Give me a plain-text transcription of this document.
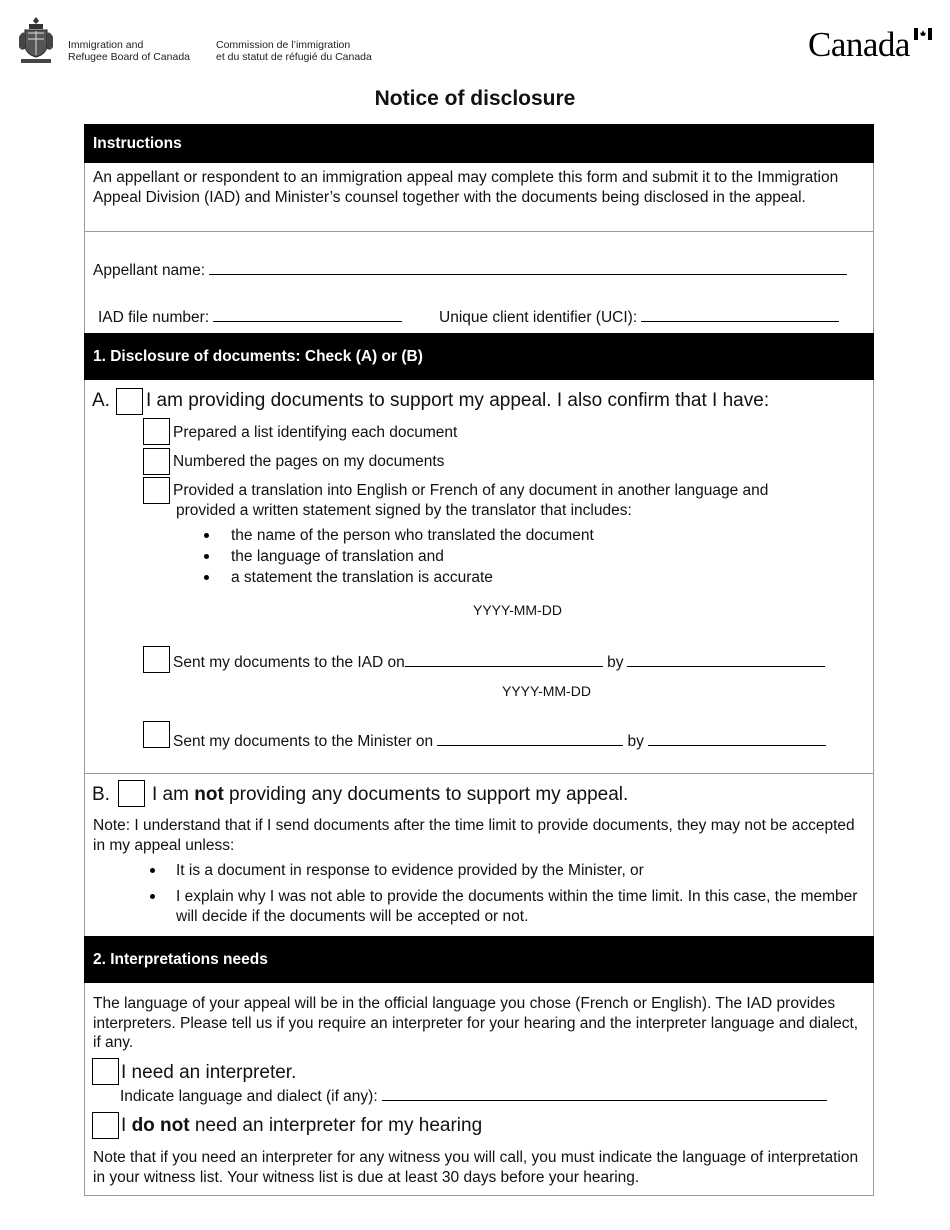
Immigration and
Refugee Board of Canada
Commission de l’immigration
et du statut de réfugié du Canada	Canada
Notice of disclosure
Instructions
An appellant or respondent to an immigration appeal may complete this form and submit it to the Immigration Appeal Division (IAD) and Minister’s counsel together with the documents being disclosed in the appeal.
Appellant name:
IAD file number:	Unique client identifier (UCI):
1. Disclosure of documents: Check (A) or (B)
A. I am providing documents to support my appeal. I also confirm that I have:
Prepared a list identifying each document
Numbered the pages on my documents
Provided a translation into English or French of any document in another language and
provided a written statement signed by the translator that includes:
the name of the person who translated the document
the language of translation and
a statement the translation is accurate
YYYY-MM-DD
Sent my documents to the IAD on	by
YYYY-MM-DD
Sent my documents to the Minister on	by
B. I am not providing any documents to support my appeal.
Note: I understand that if I send documents after the time limit to provide documents, they may not be accepted in my appeal unless:
It is a document in response to evidence provided by the Minister, or
I explain why I was not able to provide the documents within the time limit. In this case, the member will decide if the documents will be accepted or not.
2. Interpretations needs
The language of your appeal will be in the official language you chose (French or English). The IAD provides interpreters. Please tell us if you require an interpreter for your hearing and the interpreter language and dialect, if any.
I need an interpreter.
Indicate language and dialect (if any):
I do not need an interpreter for my hearing
Note that if you need an interpreter for any witness you will call, you must indicate the language of interpretation in your witness list. Your witness list is due at least 30 days before your hearing.
